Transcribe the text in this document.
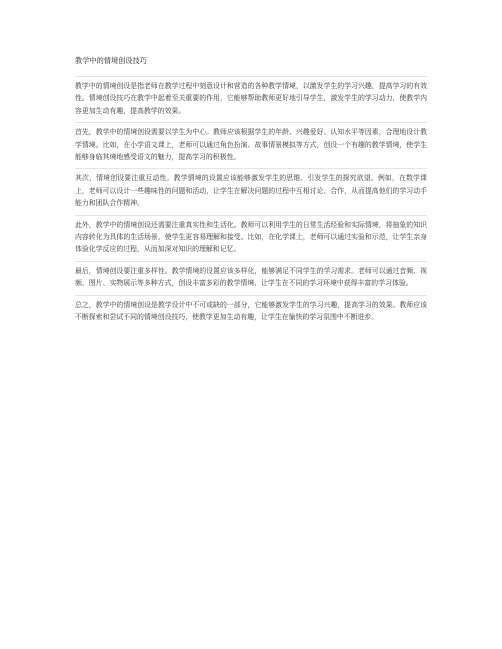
教学中的情境创设技巧

教学中的情境创设是指老师在教学过程中刻意设计和营造的各种教学情境，以激发学生的学习兴趣，提高学习的有效性。情境创设技巧在教学中起着至关重要的作用，它能够帮助教师更好地引导学生，激发学生的学习动力，使教学内容更加生动有趣，提高教学的效果。

首先，教学中的情境创设需要以学生为中心。教师应该根据学生的年龄、兴趣爱好、认知水平等因素，合理地设计教学情境。比如，在小学语文课上，老师可以通过角色扮演、故事情景模拟等方式，创设一个有趣的教学情境，使学生能够身临其境地感受语文的魅力，提高学习的积极性。

其次，情境创设要注重互动性。教学情境的设置应该能够激发学生的思维、引发学生的探究欲望。例如，在数学课上，老师可以设计一些趣味性的问题和活动，让学生在解决问题的过程中互相讨论、合作，从而提高他们的学习动手能力和团队合作精神。

此外，教学中的情境创设还需要注重真实性和生活化。教师可以利用学生的日常生活经验和实际情境，将抽象的知识内容转化为具体的生活场景，使学生更容易理解和接受。比如，在化学课上，老师可以通过实验和示范，让学生亲身体验化学反应的过程，从而加深对知识的理解和记忆。

最后，情境创设要注重多样性。教学情境的设置应该多样化，能够满足不同学生的学习需求。老师可以通过音频、视频、图片、实物展示等多种方式，创设丰富多彩的教学情境，让学生在不同的学习环境中获得丰富的学习体验。

总之，教学中的情境创设是教学设计中不可或缺的一部分，它能够激发学生的学习兴趣，提高学习的效果。教师应该不断探索和尝试不同的情境创设技巧，使教学更加生动有趣，让学生在愉快的学习氛围中不断进步。
